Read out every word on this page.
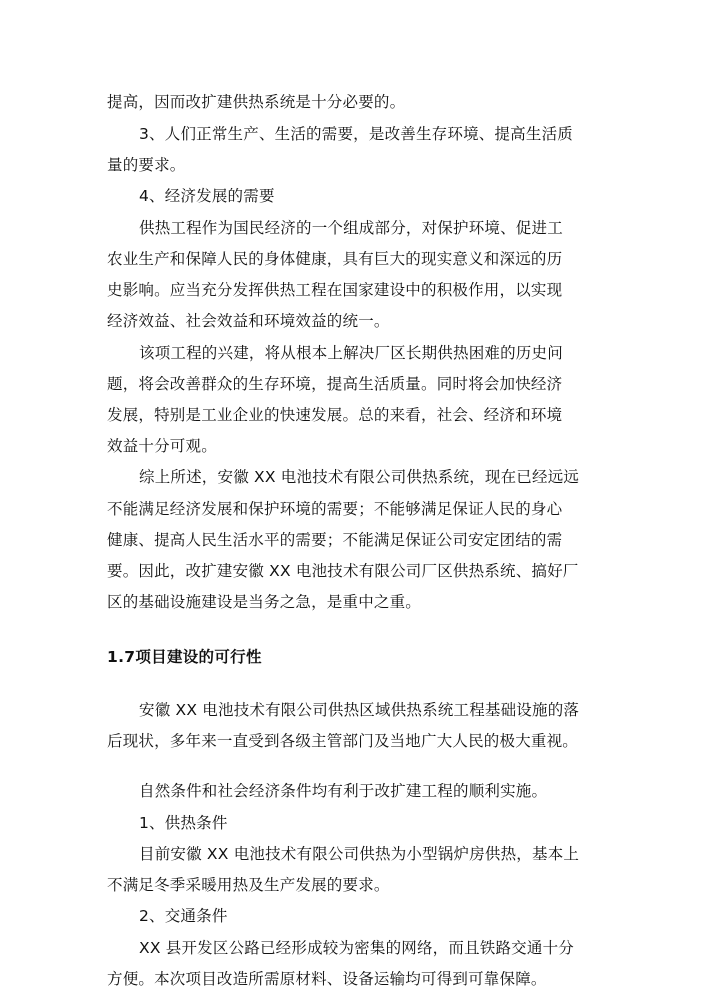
提高，因而改扩建供热系统是十分必要的。

3、人们正常生产、生活的需要，是改善生存环境、提高生活质

量的要求。

4、经济发展的需要

供热工程作为国民经济的一个组成部分，对保护环境、促进工

农业生产和保障人民的身体健康，具有巨大的现实意义和深远的历

史影响。应当充分发挥供热工程在国家建设中的积极作用，以实现

经济效益、社会效益和环境效益的统一。

该项工程的兴建，将从根本上解决厂区长期供热困难的历史问

题，将会改善群众的生存环境，提高生活质量。同时将会加快经济

发展，特别是工业企业的快速发展。总的来看，社会、经济和环境

效益十分可观。

综上所述，安徽 XX 电池技术有限公司供热系统，现在已经远远

不能满足经济发展和保护环境的需要；不能够满足保证人民的身心

健康、提高人民生活水平的需要；不能满足保证公司安定团结的需

要。因此，改扩建安徽 XX 电池技术有限公司厂区供热系统、搞好厂

区的基础设施建设是当务之急，是重中之重。

1.7项目建设的可行性

安徽 XX 电池技术有限公司供热区域供热系统工程基础设施的落

后现状，多年来一直受到各级主管部门及当地广大人民的极大重视。

自然条件和社会经济条件均有利于改扩建工程的顺利实施。

1、供热条件

目前安徽 XX 电池技术有限公司供热为小型锅炉房供热，基本上

不满足冬季采暖用热及生产发展的要求。

2、交通条件

XX 县开发区公路已经形成较为密集的网络，而且铁路交通十分

方便。本次项目改造所需原材料、设备运输均可得到可靠保障。
